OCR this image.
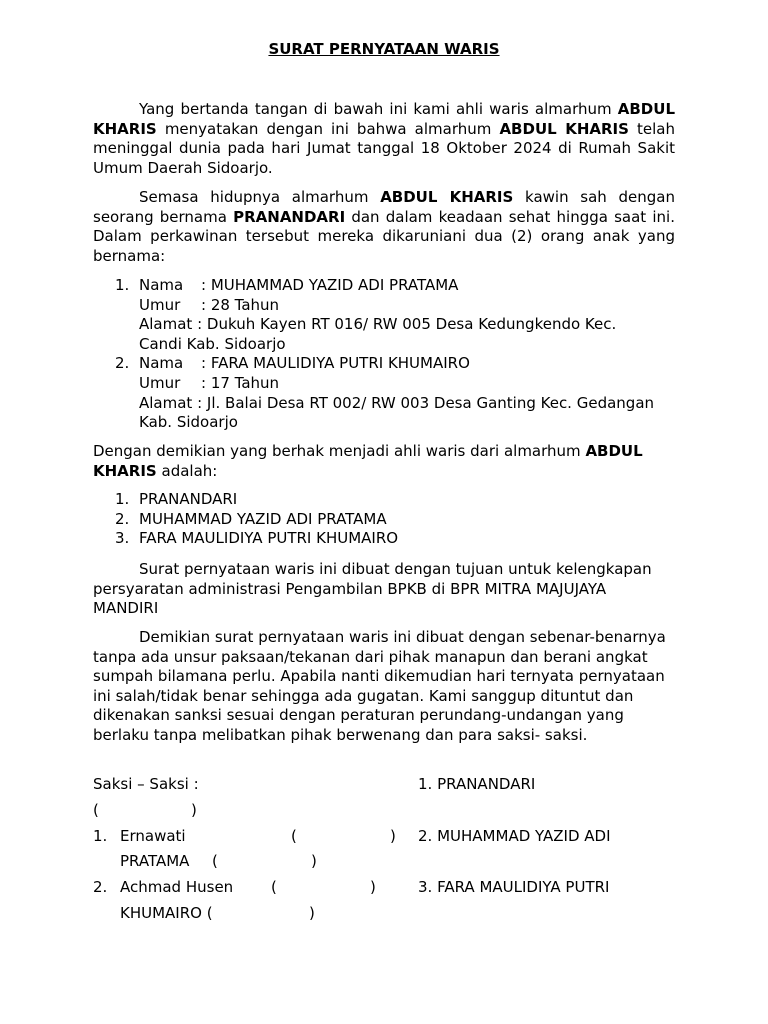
SURAT PERNYATAAN WARIS

Yang bertanda tangan di bawah ini kami ahli waris almarhum ABDUL KHARIS menyatakan dengan ini bahwa almarhum ABDUL KHARIS telah meninggal dunia pada hari Jumat tanggal 18 Oktober 2024 di Rumah Sakit Umum Daerah Sidoarjo.

Semasa hidupnya almarhum ABDUL KHARIS kawin sah dengan seorang bernama PRANANDARI dan dalam keadaan sehat hingga saat ini. Dalam perkawinan tersebut mereka dikaruniani dua (2) orang anak yang bernama:

1. Nama : MUHAMMAD YAZID ADI PRATAMA
Umur : 28 Tahun
Alamat : Dukuh Kayen RT 016/ RW 005 Desa Kedungkendo Kec.
Candi Kab. Sidoarjo
2. Nama : FARA MAULIDIYA PUTRI KHUMAIRO
Umur : 17 Tahun
Alamat : Jl. Balai Desa RT 002/ RW 003 Desa Ganting Kec. Gedangan
Kab. Sidoarjo

Dengan demikian yang berhak menjadi ahli waris dari almarhum ABDUL KHARIS adalah:

1. PRANANDARI
2. MUHAMMAD YAZID ADI PRATAMA
3. FARA MAULIDIYA PUTRI KHUMAIRO

Surat pernyataan waris ini dibuat dengan tujuan untuk kelengkapan persyaratan administrasi Pengambilan BPKB di BPR MITRA MAJUJAYA MANDIRI

Demikian surat pernyataan waris ini dibuat dengan sebenar-benarnya tanpa ada unsur paksaan/tekanan dari pihak manapun dan berani angkat sumpah bilamana perlu. Apabila nanti dikemudian hari ternyata pernyataan ini salah/tidak benar sehingga ada gugatan. Kami sanggup dituntut dan dikenakan sanksi sesuai dengan peraturan perundang-undangan yang berlaku tanpa melibatkan pihak berwenang dan para saksi- saksi.

Saksi – Saksi :	1. PRANANDARI
(	)
1. Ernawati	(	) 2. MUHAMMAD YAZID ADI
PRATAMA (	)
2. Achmad Husen	(	)	3. FARA MAULIDIYA PUTRI
KHUMAIRO (	)
